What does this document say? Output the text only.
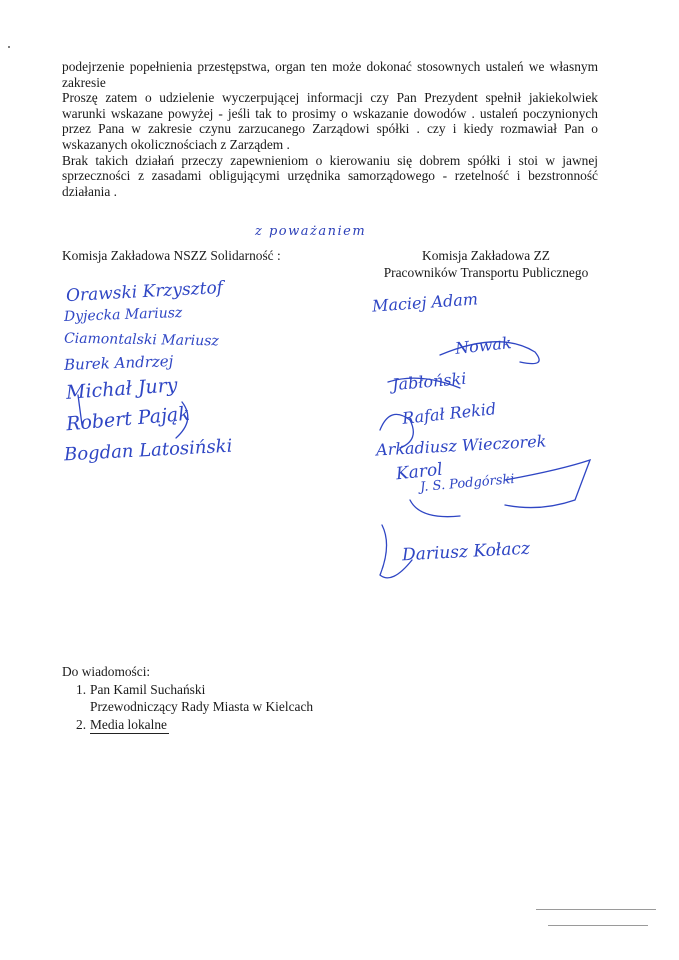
podejrzenie popełnienia przestępstwa, organ ten może dokonać stosownych ustaleń we własnym zakresie

Proszę zatem o udzielenie wyczerpującej informacji czy Pan Prezydent spełnił jakiekolwiek warunki wskazane powyżej - jeśli tak to prosimy o wskazanie dowodów . ustaleń poczynionych przez Pana w zakresie czynu zarzucanego Zarządowi spółki . czy i kiedy rozmawiał Pan o wskazanych okolicznościach z Zarządem .

Brak takich działań przeczy zapewnieniom o kierowaniu się dobrem spółki i stoi w jawnej sprzeczności z zasadami obligującymi urzędnika samorządowego - rzetelność i bezstronność działania .

z poważaniem

Komisja Zakładowa NSZZ Solidarność :	Komisja Zakładowa ZZ
Pracowników Transportu Publicznego

Orawski Krzysztof

Dyjecka Mariusz

Ciamontalski Mariusz

Burek Andrzej

Michał Jury

Robert Pająk

Bogdan Latosiński

Maciej Adam

Nowak

Jabłoński

Rafał Rekid

Arkadiusz Wieczorek

Karol

J. S. Podgórski

Dariusz Kołacz

Do wiadomości:
1. Pan Kamil Suchański
Przewodniczący Rady Miasta w Kielcach
2. Media lokalne
